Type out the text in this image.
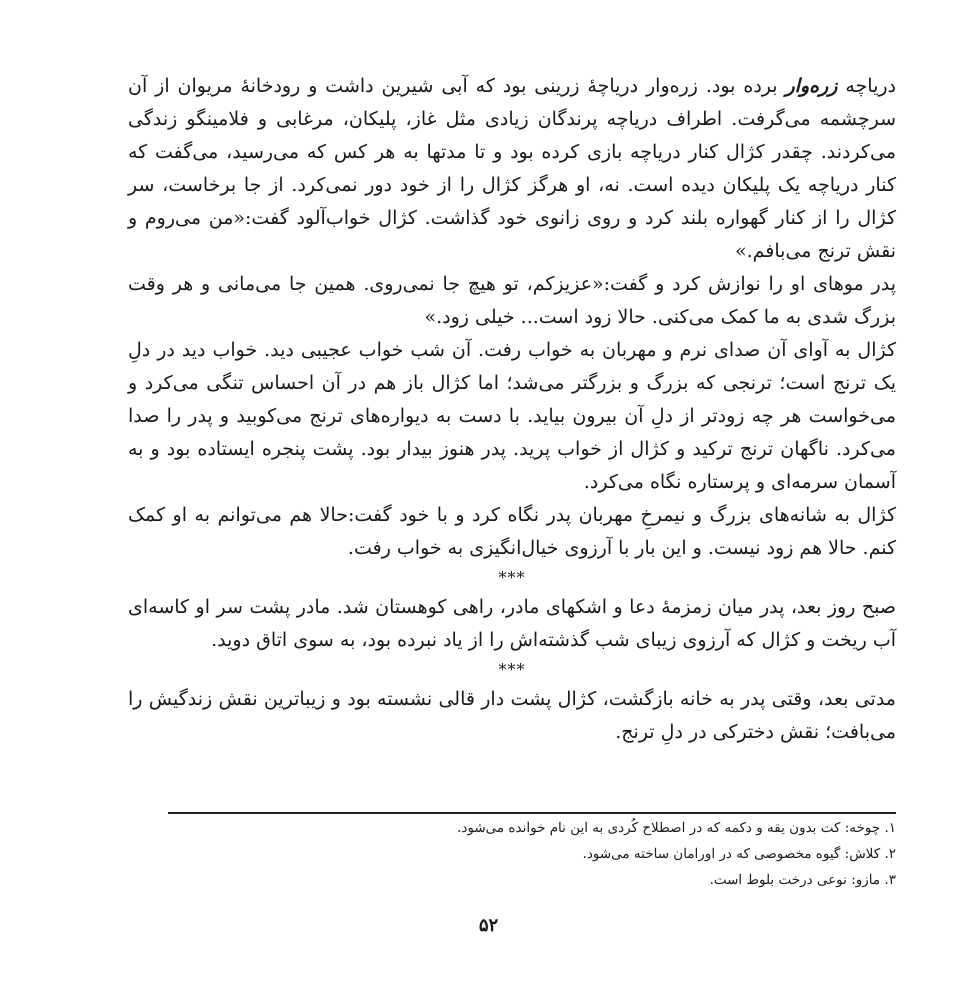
دریاچه زره‌وار برده بود. زره‌وار دریاچهٔ زرینی بود که آبی شیرین داشت و رودخانهٔ مریوان از آن سرچشمه می‌گرفت. اطراف دریاچه پرندگان زیادی مثل غاز، پلیکان، مرغابی و فلامینگو زندگی می‌کردند. چقدر کژال کنار دریاچه بازی کرده بود و تا مدتها به هر کس که می‌رسید، می‌گفت که کنار دریاچه یک پلیکان دیده است. نه، او هرگز کژال را از خود دور نمی‌کرد. از جا برخاست، سر کژال را از کنار گهواره بلند کرد و روی زانوی خود گذاشت. کژال خواب‌آلود گفت:«من می‌روم و نقش ترنج می‌بافم.»

پدر موهای او را نوازش کرد و گفت:«عزیزکم، تو هیچ جا نمی‌روی. همین جا می‌مانی و هر وقت بزرگ شدی به ما کمک می‌کنی. حالا زود است... خیلی زود.»

کژال به آوای آن صدای نرم و مهربان به خواب رفت. آن شب خواب عجیبی دید. خواب دید در دلِ یک ترنج است؛ ترنجی که بزرگ و بزرگتر می‌شد؛ اما کژال باز هم در آن احساس تنگی می‌کرد و می‌خواست هر چه زودتر از دلِ آن بیرون بیاید. با دست به دیواره‌های ترنج می‌کوبید و پدر را صدا می‌کرد. ناگهان ترنج ترکید و کژال از خواب پرید. پدر هنوز بیدار بود. پشت پنجره ایستاده بود و به آسمان سرمه‌ای و پرستاره نگاه می‌کرد.

کژال به شانه‌های بزرگ و نیمرخِ مهربان پدر نگاه کرد و با خود گفت:حالا هم می‌توانم به او کمک کنم. حالا هم زود نیست. و این بار با آرزوی خیال‌انگیزی به خواب رفت.

***

صبح روز بعد، پدر میان زمزمهٔ دعا و اشکهای مادر، راهی کوهستان شد. مادر پشت سر او کاسه‌ای آب ریخت و کژال که آرزوی زیبای شب گذشته‌اش را از یاد نبرده بود، به سوی اتاق دوید.

***

مدتی بعد، وقتی پدر به خانه بازگشت، کژال پشت دار قالی نشسته بود و زیباترین نقش زندگیش را می‌بافت؛ نقش دخترکی در دلِ ترنج.

۱. چوخه: کت بدون یقه و دکمه که در اصطلاح کُردی به این نام خوانده می‌شود.

۲. کلاش: گیوه مخصوصی که در اورامان ساخته می‌شود.

۳. مازو: نوعی درخت بلوط است.

۵۲
